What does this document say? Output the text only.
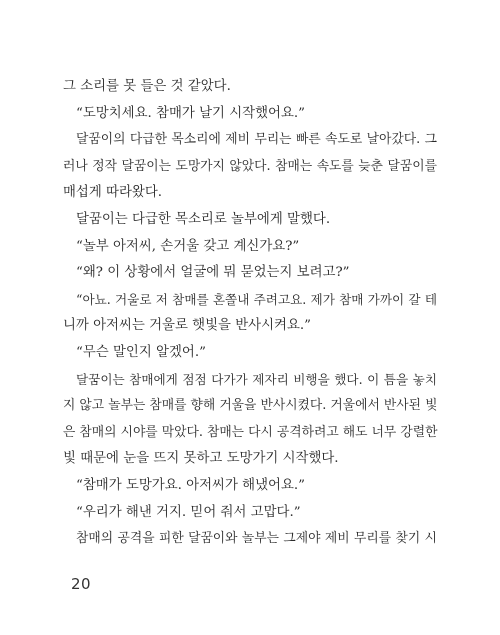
그 소리를 못 들은 것 같았다.
“도망치세요. 참매가 날기 시작했어요.”
달꿈이의 다급한 목소리에 제비 무리는 빠른 속도로 날아갔다. 그
러나 정작 달꿈이는 도망가지 않았다. 참매는 속도를 늦춘 달꿈이를
매섭게 따라왔다.
달꿈이는 다급한 목소리로 놀부에게 말했다.
“놀부 아저씨, 손거울 갖고 계신가요?”
“왜? 이 상황에서 얼굴에 뭐 묻었는지 보려고?”
“아뇨. 거울로 저 참매를 혼쫄내 주려고요. 제가 참매 가까이 갈 테
니까 아저씨는 거울로 햇빛을 반사시켜요.”
“무슨 말인지 알겠어.”
달꿈이는 참매에게 점점 다가가 제자리 비행을 했다. 이 틈을 놓치
지 않고 놀부는 참매를 향해 거울을 반사시켰다. 거울에서 반사된 빛
은 참매의 시야를 막았다. 참매는 다시 공격하려고 해도 너무 강렬한
빛 때문에 눈을 뜨지 못하고 도망가기 시작했다.
“참매가 도망가요. 아저씨가 해냈어요.”
“우리가 해낸 거지. 믿어 줘서 고맙다.”
참매의 공격을 피한 달꿈이와 놀부는 그제야 제비 무리를 찾기 시
20
